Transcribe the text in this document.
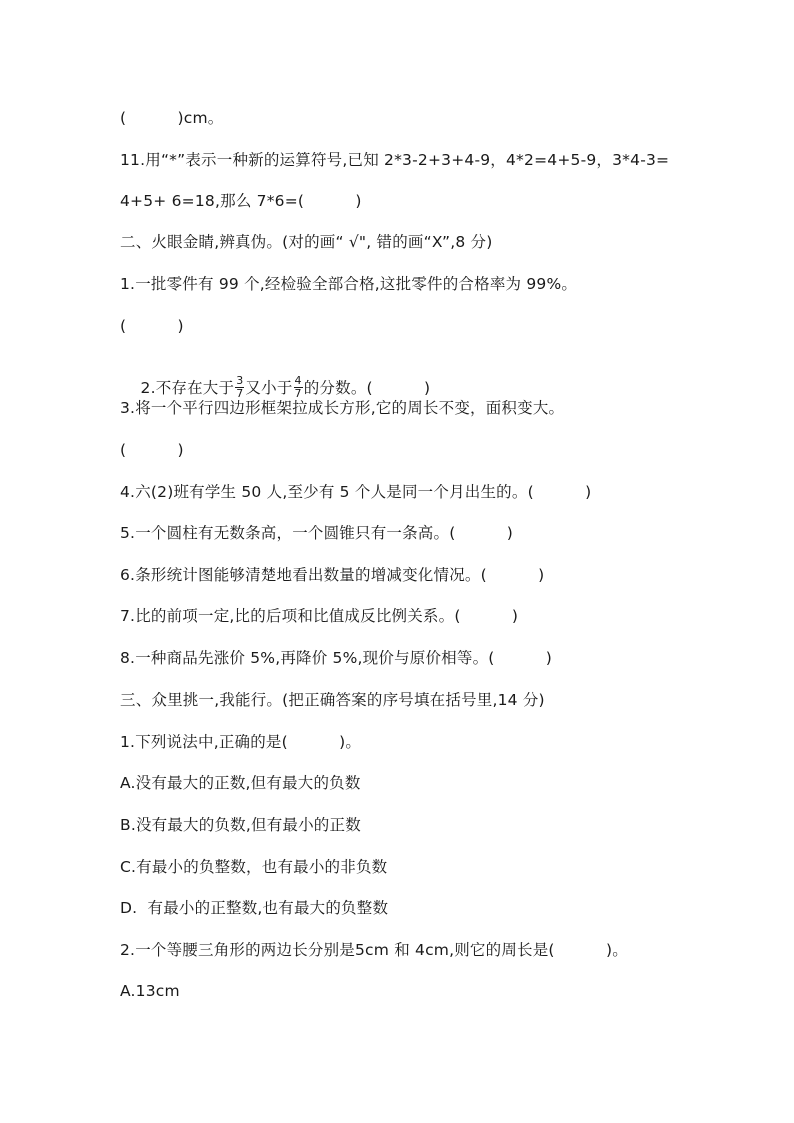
(          )cm。
11.用“*”表示一种新的运算符号,已知 2*3-2+3+4-9，4*2=4+5-9，3*4-3=
4+5+ 6=18,那么 7*6=(          )
二、火眼金睛,辨真伪。(对的画“ √", 错的画“X”,8 分)
1.一批零件有 99 个,经检验全部合格,这批零件的合格率为 99%。
(          )

2.不存在大于 $\frac{3}{7}$ 又小于 $\frac{4}{7}$ 的分数。(          )

3.将一个平行四边形框架拉成长方形,它的周长不变，面积变大。
(          )
4.六(2)班有学生 50 人,至少有 5 个人是同一个月出生的。(          )
5.一个圆柱有无数条高，一个圆锥只有一条高。(          )
6.条形统计图能够清楚地看出数量的增减变化情况。(          )
7.比的前项一定,比的后项和比值成反比例关系。(          )
8.一种商品先涨价 5%,再降价 5%,现价与原价相等。(          )
三、众里挑一,我能行。(把正确答案的序号填在括号里,14 分)
1.下列说法中,正确的是(          )。
A.没有最大的正数,但有最大的负数
B.没有最大的负数,但有最小的正数
C.有最小的负整数，也有最小的非负数
D.  有最小的正整数,也有最大的负整数
2.一个等腰三角形的两边长分别是5cm 和 4cm,则它的周长是(          )。
A.13cm
